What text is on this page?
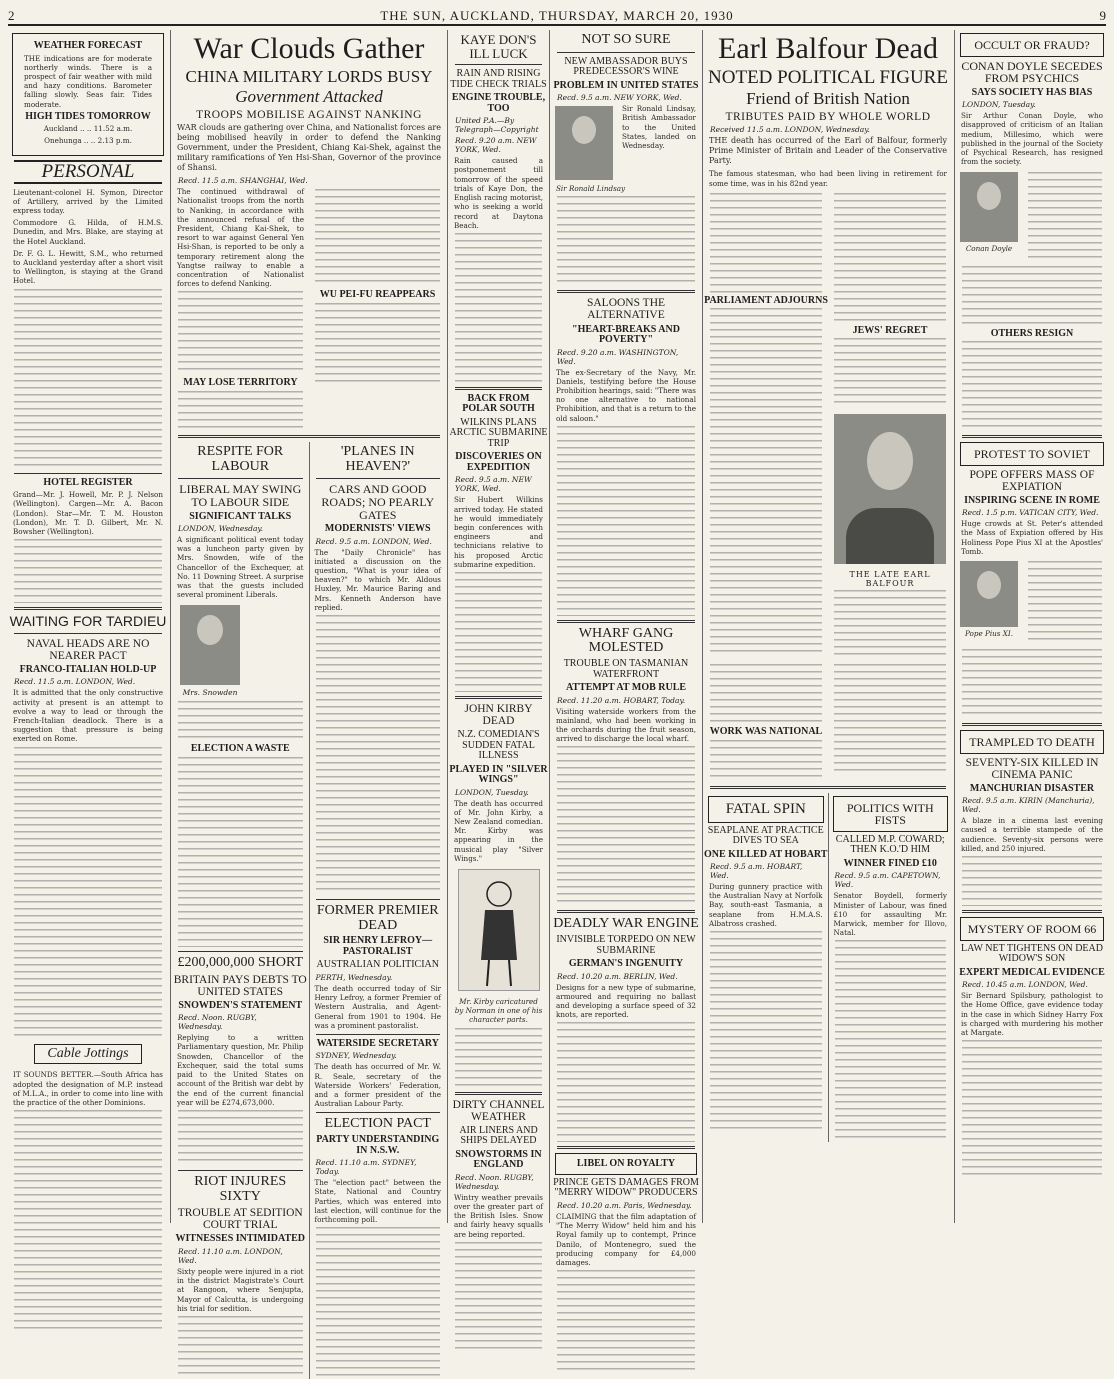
2	THE SUN, AUCKLAND, THURSDAY, MARCH 20, 1930	9
WEATHER FORECAST
THE indications are for moderate northerly winds. There is a prospect of fair weather with mild and hazy conditions. Barometer falling slowly. Seas fair. Tides moderate.
HIGH TIDES TOMORROW
Auckland .. .. 11.52 a.m.
Onehunga .. .. 2.13 p.m.
PERSONAL
Lieutenant-colonel H. Symon, Director of Artillery, arrived by the Limited express today.
Commodore G. Hilda, of H.M.S. Dunedin, and Mrs. Blake, are staying at the Hotel Auckland.
Dr. F. G. L. Hewitt, S.M., who returned to Auckland yesterday after a short visit to Wellington, is staying at the Grand Hotel.
HOTEL REGISTER
Grand—Mr. J. Howell, Mr. P. J. Nelson (Wellington). Cargen—Mr. A. Bacon (London). Star—Mr. T. M. Houston (London), Mr. T. D. Gilbert, Mr. N. Bowsher (Wellington).
WAITING FOR TARDIEU
NAVAL HEADS ARE NO NEARER PACT
FRANCO-ITALIAN HOLD-UP
Recd. 11.5 a.m. LONDON, Wed.
It is admitted that the only constructive activity at present is an attempt to evolve a way to lead or through the French-Italian deadlock. There is a suggestion that pressure is being exerted on Rome.
Cable Jottings
IT SOUNDS BETTER.—South Africa has adopted the designation of M.P. instead of M.L.A., in order to come into line with the practice of the other Dominions.
War Clouds Gather
CHINA MILITARY LORDS BUSY
Government Attacked
TROOPS MOBILISE AGAINST NANKING
WAR clouds are gathering over China, and Nationalist forces are being mobilised heavily in order to defend the Nanking Government, under the President, Chiang Kai-Shek, against the military ramifications of Yen Hsi-Shan, Governor of the province of Shansi.
Recd. 11.5 a.m. SHANGHAI, Wed.
The continued withdrawal of Nationalist troops from the north to Nanking, in accordance with the announced refusal of the President, Chiang Kai-Shek, to resort to war against General Yen Hsi-Shan, is reported to be only a temporary retirement along the Yangtse railway to enable a concentration of Nationalist forces to defend Nanking.
MAY LOSE TERRITORY
WU PEI-FU REAPPEARS
RESPITE FOR LABOUR
LIBERAL MAY SWING TO LABOUR SIDE
SIGNIFICANT TALKS
LONDON, Wednesday.
A significant political event today was a luncheon party given by Mrs. Snowden, wife of the Chancellor of the Exchequer, at No. 11 Downing Street. A surprise was that the guests included several prominent Liberals.
Mrs. Snowden
ELECTION A WASTE
£200,000,000 SHORT
BRITAIN PAYS DEBTS TO UNITED STATES
SNOWDEN'S STATEMENT
Recd. Noon. RUGBY, Wednesday.
Replying to a written Parliamentary question, Mr. Philip Snowden, Chancellor of the Exchequer, said the total sums paid to the United States on account of the British war debt by the end of the current financial year will be £274,673,000.
RIOT INJURES SIXTY
TROUBLE AT SEDITION COURT TRIAL
WITNESSES INTIMIDATED
Recd. 11.10 a.m. LONDON, Wed.
Sixty people were injured in a riot in the district Magistrate's Court at Rangoon, where Senjupta, Mayor of Calcutta, is undergoing his trial for sedition.
'PLANES IN HEAVEN?'
CARS AND GOOD ROADS; NO PEARLY GATES
MODERNISTS' VIEWS
Recd. 9.5 a.m. LONDON, Wed.
The "Daily Chronicle" has initiated a discussion on the question, "What is your idea of heaven?" to which Mr. Aldous Huxley, Mr. Maurice Baring and Mrs. Kenneth Anderson have replied.
FORMER PREMIER DEAD
SIR HENRY LEFROY—PASTORALIST
AUSTRALIAN POLITICIAN
PERTH, Wednesday.
The death occurred today of Sir Henry Lefroy, a former Premier of Western Australia, and Agent-General from 1901 to 1904. He was a prominent pastoralist.
WATERSIDE SECRETARY
SYDNEY, Wednesday.
The death has occurred of Mr. W. R. Seale, secretary of the Waterside Workers' Federation, and a former president of the Australian Labour Party.
ELECTION PACT
PARTY UNDERSTANDING IN N.S.W.
Recd. 11.10 a.m. SYDNEY, Today.
The "election pact" between the State, National and Country Parties, which was entered into last election, will continue for the forthcoming poll.
KAYE DON'S ILL LUCK
RAIN AND RISING TIDE CHECK TRIALS
ENGINE TROUBLE, TOO
United P.A.—By Telegraph—Copyright
Recd. 9.20 a.m. NEW YORK, Wed.
Rain caused a postponement till tomorrow of the speed trials of Kaye Don, the English racing motorist, who is seeking a world record at Daytona Beach.
BACK FROM POLAR SOUTH
WILKINS PLANS ARCTIC SUBMARINE TRIP
DISCOVERIES ON EXPEDITION
Recd. 9.5 a.m. NEW YORK, Wed.
Sir Hubert Wilkins arrived today. He stated he would immediately begin conferences with engineers and technicians relative to his proposed Arctic submarine expedition.
JOHN KIRBY DEAD
N.Z. COMEDIAN'S SUDDEN FATAL ILLNESS
PLAYED IN "SILVER WINGS"
LONDON, Tuesday.
The death has occurred of Mr. John Kirby, a New Zealand comedian. Mr. Kirby was appearing in the musical play "Silver Wings."
Mr. Kirby caricatured by Norman in one of his character parts.
DIRTY CHANNEL WEATHER
AIR LINERS AND SHIPS DELAYED
SNOWSTORMS IN ENGLAND
Recd. Noon. RUGBY, Wednesday.
Wintry weather prevails over the greater part of the British Isles. Snow and fairly heavy squalls are being reported.
NOT SO SURE
NEW AMBASSADOR BUYS PREDECESSOR'S WINE
PROBLEM IN UNITED STATES
Recd. 9.5 a.m. NEW YORK, Wed.
Sir Ronald Lindsay, British Ambassador to the United States, landed on Wednesday.
Sir Ronald Lindsay
SALOONS THE ALTERNATIVE
"HEART-BREAKS AND POVERTY"
Recd. 9.20 a.m. WASHINGTON, Wed.
The ex-Secretary of the Navy, Mr. Daniels, testifying before the House Prohibition hearings, said: "There was no one alternative to national Prohibition, and that is a return to the old saloon."
WHARF GANG MOLESTED
TROUBLE ON TASMANIAN WATERFRONT
ATTEMPT AT MOB RULE
Recd. 11.20 a.m. HOBART, Today.
Visiting waterside workers from the mainland, who had been working in the orchards during the fruit season, arrived to discharge the local wharf.
DEADLY WAR ENGINE
INVISIBLE TORPEDO ON NEW SUBMARINE
GERMAN'S INGENUITY
Recd. 10.20 a.m. BERLIN, Wed.
Designs for a new type of submarine, armoured and requiring no ballast and developing a surface speed of 32 knots, are reported.
LIBEL ON ROYALTY
PRINCE GETS DAMAGES FROM "MERRY WIDOW" PRODUCERS
Recd. 10.20 a.m. Paris, Wednesday.
CLAIMING that the film adaptation of "The Merry Widow" held him and his Royal family up to contempt, Prince Danilo, of Montenegro, sued the producing company for £4,000 damages.
Earl Balfour Dead
NOTED POLITICAL FIGURE
Friend of British Nation
TRIBUTES PAID BY WHOLE WORLD
Received 11.5 a.m. LONDON, Wednesday.
THE death has occurred of the Earl of Balfour, formerly Prime Minister of Britain and Leader of the Conservative Party.
The famous statesman, who had been living in retirement for some time, was in his 82nd year.
PARLIAMENT ADJOURNS
JEWS' REGRET
THE LATE EARL BALFOUR
WORK WAS NATIONAL
FATAL SPIN
SEAPLANE AT PRACTICE DIVES TO SEA
ONE KILLED AT HOBART
Recd. 9.5 a.m. HOBART, Wed.
During gunnery practice with the Australian Navy at Norfolk Bay, south-east Tasmania, a seaplane from H.M.A.S. Albatross crashed.
POLITICS WITH FISTS
CALLED M.P. COWARD; THEN K.O.'D HIM
WINNER FINED £10
Recd. 9.5 a.m. CAPETOWN, Wed.
Senator Boydell, formerly Minister of Labour, was fined £10 for assaulting Mr. Marwick, member for Illovo, Natal.
OCCULT OR FRAUD?
CONAN DOYLE SECEDES FROM PSYCHICS
SAYS SOCIETY HAS BIAS
LONDON, Tuesday.
Sir Arthur Conan Doyle, who disapproved of criticism of an Italian medium, Millesimo, which were published in the journal of the Society of Psychical Research, has resigned from the society.
Conan Doyle
OTHERS RESIGN
PROTEST TO SOVIET
POPE OFFERS MASS OF EXPIATION
INSPIRING SCENE IN ROME
Recd. 1.5 p.m. VATICAN CITY, Wed.
Huge crowds at St. Peter's attended the Mass of Expiation offered by His Holiness Pope Pius XI at the Apostles' Tomb.
Pope Pius XI.
TRAMPLED TO DEATH
SEVENTY-SIX KILLED IN CINEMA PANIC
MANCHURIAN DISASTER
Recd. 9.5 a.m. KIRIN (Manchuria), Wed.
A blaze in a cinema last evening caused a terrible stampede of the audience. Seventy-six persons were killed, and 250 injured.
MYSTERY OF ROOM 66
LAW NET TIGHTENS ON DEAD WIDOW'S SON
EXPERT MEDICAL EVIDENCE
Recd. 10.45 a.m. LONDON, Wed.
Sir Bernard Spilsbury, pathologist to the Home Office, gave evidence today in the case in which Sidney Harry Fox is charged with murdering his mother at Margate.
